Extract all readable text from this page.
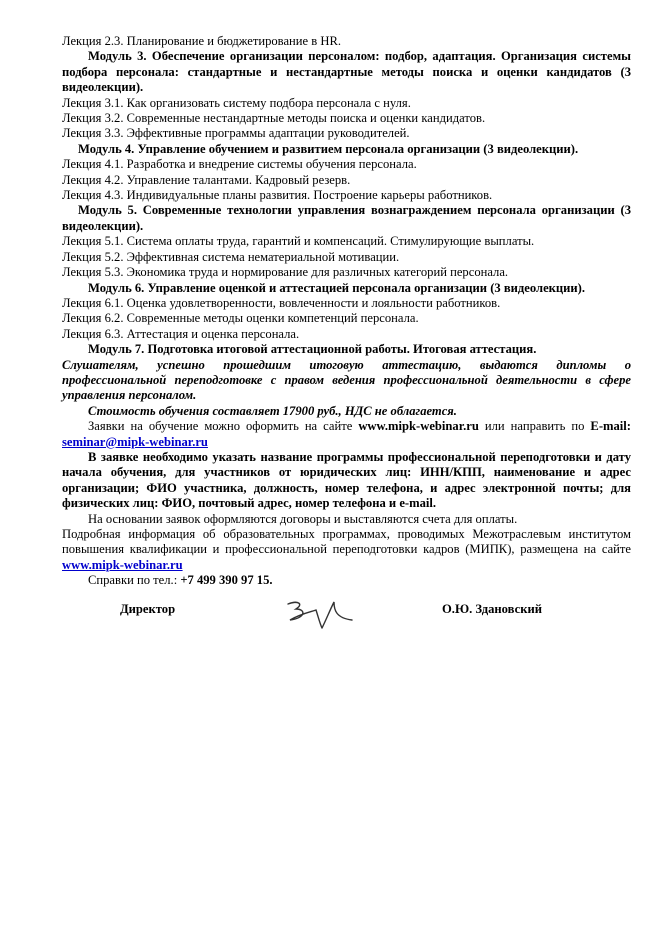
Лекция 2.3. Планирование и бюджетирование в HR.

Модуль 3. Обеспечение организации персоналом: подбор, адаптация. Организация системы подбора персонала: стандартные и нестандартные методы поиска и оценки кандидатов (3 видеолекции).

Лекция 3.1. Как организовать систему подбора персонала с нуля.

Лекция 3.2. Современные нестандартные методы поиска и оценки кандидатов.

Лекция 3.3. Эффективные программы адаптации руководителей.

Модуль 4. Управление обучением и развитием персонала организации (3 видеолекции).

Лекция 4.1. Разработка и внедрение системы обучения персонала.

Лекция 4.2. Управление талантами. Кадровый резерв.

Лекция 4.3. Индивидуальные планы развития. Построение карьеры работников.

Модуль 5. Современные технологии управления вознаграждением персонала организации (3 видеолекции).

Лекция 5.1. Система оплаты труда, гарантий и компенсаций. Стимулирующие выплаты.

Лекция 5.2. Эффективная система нематериальной мотивации.

Лекция 5.3. Экономика труда и нормирование для различных категорий персонала.

Модуль 6. Управление оценкой и аттестацией персонала организации (3 видеолекции).

Лекция 6.1. Оценка удовлетворенности, вовлеченности и лояльности работников.

Лекция 6.2. Современные методы оценки компетенций персонала.

Лекция 6.3. Аттестация и оценка персонала.

Модуль 7. Подготовка итоговой аттестационной работы. Итоговая аттестация.

Слушателям, успешно прошедшим итоговую аттестацию, выдаются дипломы о профессиональной переподготовке с правом ведения профессиональной деятельности в сфере управления персоналом.

Стоимость обучения составляет 17900 руб., НДС не облагается.

Заявки на обучение можно оформить на сайте www.mipk-webinar.ru или направить по E-mail: seminar@mipk-webinar.ru

В заявке необходимо указать название программы профессиональной переподготовки и дату начала обучения, для участников от юридических лиц: ИНН/КПП, наименование и адрес организации; ФИО участника, должность, номер телефона, и адрес электронной почты; для физических лиц: ФИО, почтовый адрес, номер телефона и e-mail.

На основании заявок оформляются договоры и выставляются счета для оплаты.

Подробная информация об образовательных программах, проводимых Межотраслевым институтом повышения квалификации и профессиональной переподготовки кадров (МИПК), размещена на сайте www.mipk-webinar.ru

Справки по тел.: +7 499 390 97 15.

Директор	О.Ю. Здановский
